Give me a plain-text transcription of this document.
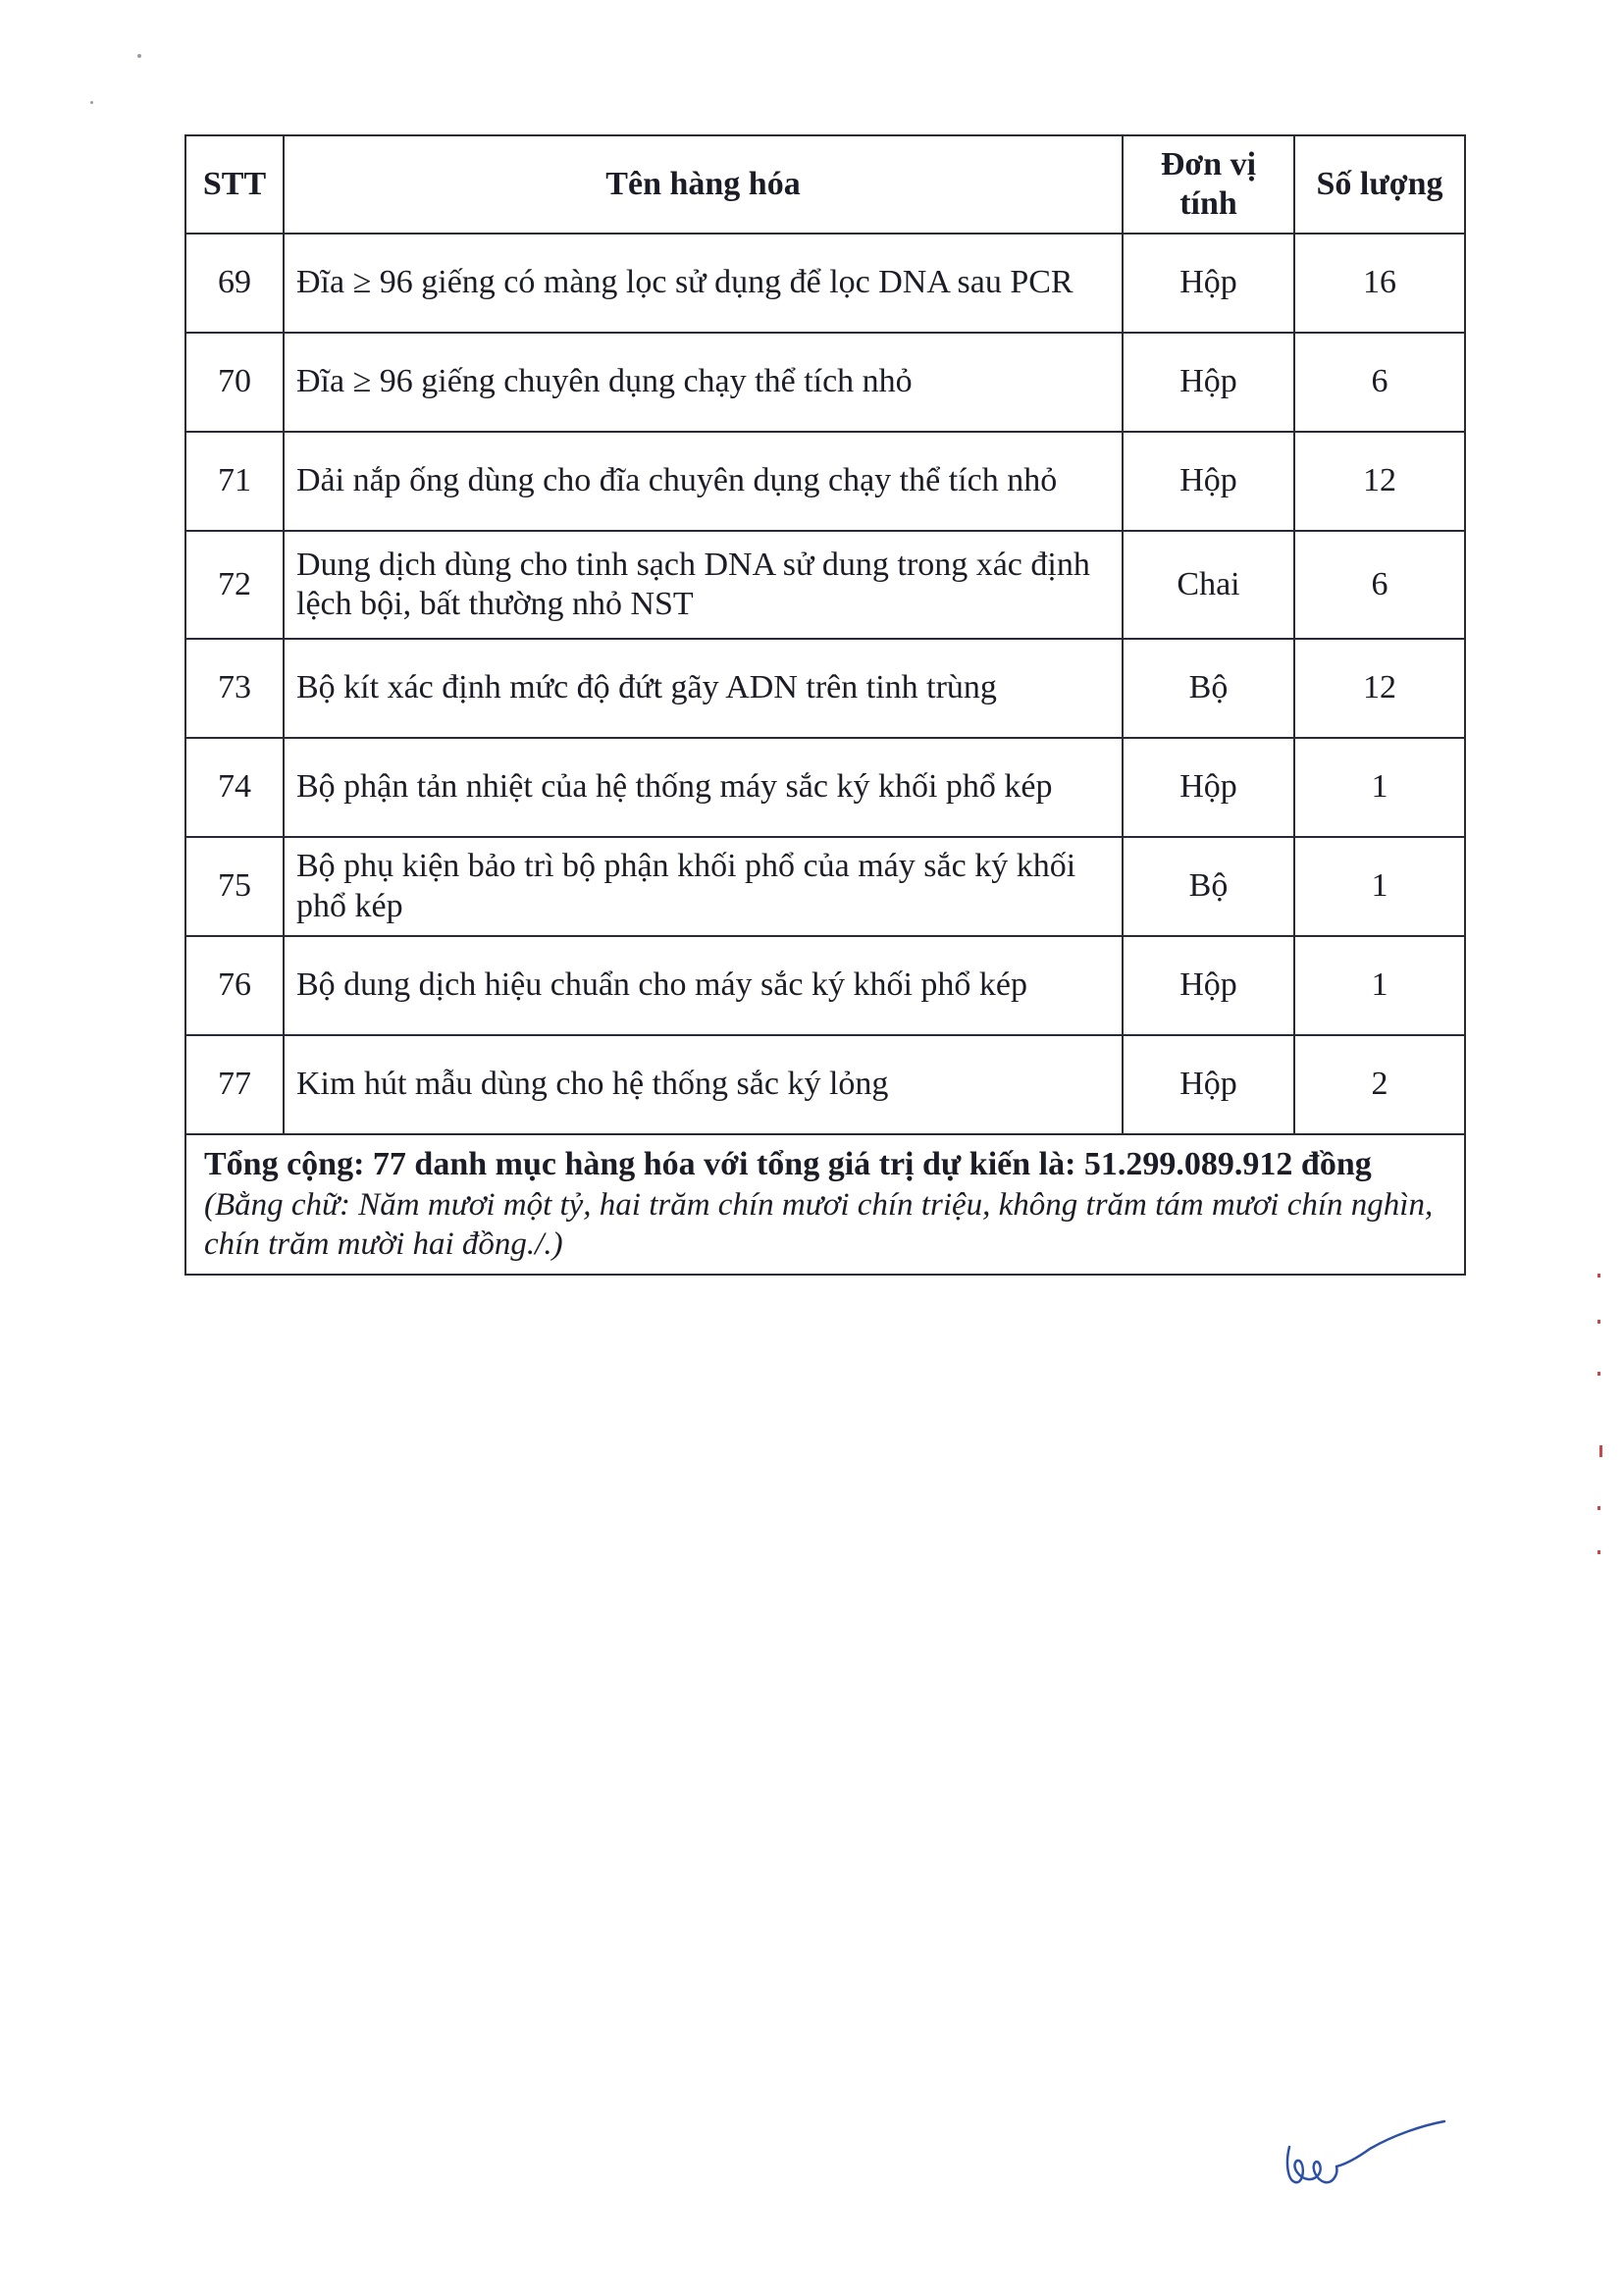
STT	Tên hàng hóa	Đơn vị tính	Số lượng
69	Đĩa ≥ 96 giếng có màng lọc sử dụng để lọc DNA sau PCR	Hộp	16
70	Đĩa ≥ 96 giếng chuyên dụng chạy thể tích nhỏ	Hộp	6
71	Dải nắp ống dùng cho đĩa chuyên dụng chạy thể tích nhỏ	Hộp	12
72	Dung dịch dùng cho tinh sạch DNA sử dung trong xác định lệch bội, bất thường nhỏ NST	Chai	6
73	Bộ kít xác định mức độ đứt gãy ADN trên tinh trùng	Bộ	12
74	Bộ phận tản nhiệt của hệ thống máy sắc ký khối phổ kép	Hộp	1
75	Bộ phụ kiện bảo trì bộ phận khối phổ của máy sắc ký khối phổ kép	Bộ	1
76	Bộ dung dịch hiệu chuẩn cho máy sắc ký khối phổ kép	Hộp	1
77	Kim hút mẫu dùng cho hệ thống sắc ký lỏng	Hộp	2

Tổng cộng: 77 danh mục hàng hóa với tổng giá trị dự kiến là: 51.299.089.912 đồng
(Bằng chữ: Năm mươi một tỷ, hai trăm chín mươi chín triệu, không trăm tám mươi chín nghìn, chín trăm mười hai đồng./.)			
